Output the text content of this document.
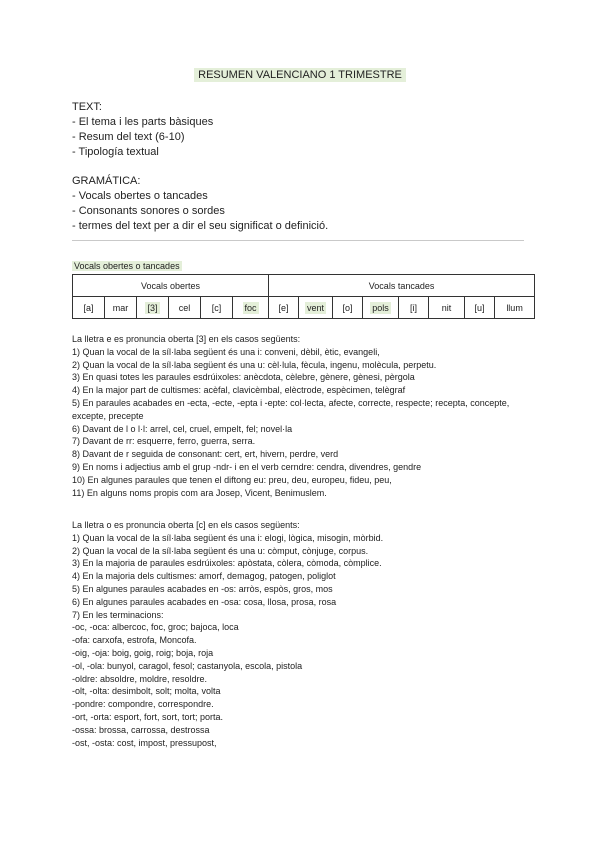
RESUMEN VALENCIANO 1 TRIMESTRE
TEXT:
- El tema i les parts bàsiques
- Resum del text (6-10)
- Tipología textual
GRAMÁTICA:
- Vocals obertes o tancades
- Consonants sonores o sordes
- termes del text per a dir el seu significat o definició.
Vocals obertes o tancades
Vocals obertes						Vocals tancades							
[a]	mar	[3]	cel	[c]	foc	[e]	vent	[o]	pols	[i]	nit	[u]	llum
La lletra e es pronuncia oberta [3] en els casos següents:
1) Quan la vocal de la síl·laba següent és una i: conveni, dèbil, ètic, evangeli,
2) Quan la vocal de la síl·laba següent és una u: cèl·lula, fècula, ingenu, molècula, perpetu.
3) En quasi totes les paraules esdrúixoles: anècdota, cèlebre, gènere, gènesi, pèrgola
4) En la major part de cultismes: acèfal, clavicèmbal, elèctrode, espècimen, telègraf
5) En paraules acabades en -ecta, -ecte, -epta i -epte: col·lecta, afecte, correcte, respecte; recepta, concepte, excepte, precepte
6) Davant de l o l·l: arrel, cel, cruel, empelt, fel; novel·la
7) Davant de rr: esquerre, ferro, guerra, serra.
8) Davant de r seguida de consonant: cert, ert, hivern, perdre, verd
9) En noms i adjectius amb el grup -ndr- i en el verb cerndre: cendra, divendres, gendre
10) En algunes paraules que tenen el diftong eu: preu, deu, europeu, fideu, peu,
11) En alguns noms propis com ara Josep, Vicent, Benimuslem.
La lletra o es pronuncia oberta [c] en els casos següents:
1) Quan la vocal de la síl·laba següent és una i: elogi, lògica, misogin, mòrbid.
2) Quan la vocal de la síl·laba següent és una u: còmput, cònjuge, corpus.
3) En la majoria de paraules esdrúixoles: apòstata, còlera, còmoda, còmplice.
4) En la majoria dels cultismes: amorf, demagog, patogen, poliglot
5) En algunes paraules acabades en -os: arròs, espòs, gros, mos
6) En algunes paraules acabades en -osa: cosa, llosa, prosa, rosa
7) En les terminacions:
-oc, -oca: albercoc, foc, groc; bajoca, loca
-ofa: carxofa, estrofa, Moncofa.
-oig, -oja: boig, goig, roig; boja, roja
-ol, -ola: bunyol, caragol, fesol; castanyola, escola, pistola
-oldre: absoldre, moldre, resoldre.
-olt, -olta: desimbolt, solt; molta, volta
-pondre: compondre, correspondre.
-ort, -orta: esport, fort, sort, tort; porta.
-ossa: brossa, carrossa, destrossa
-ost, -osta: cost, impost, pressupost,
